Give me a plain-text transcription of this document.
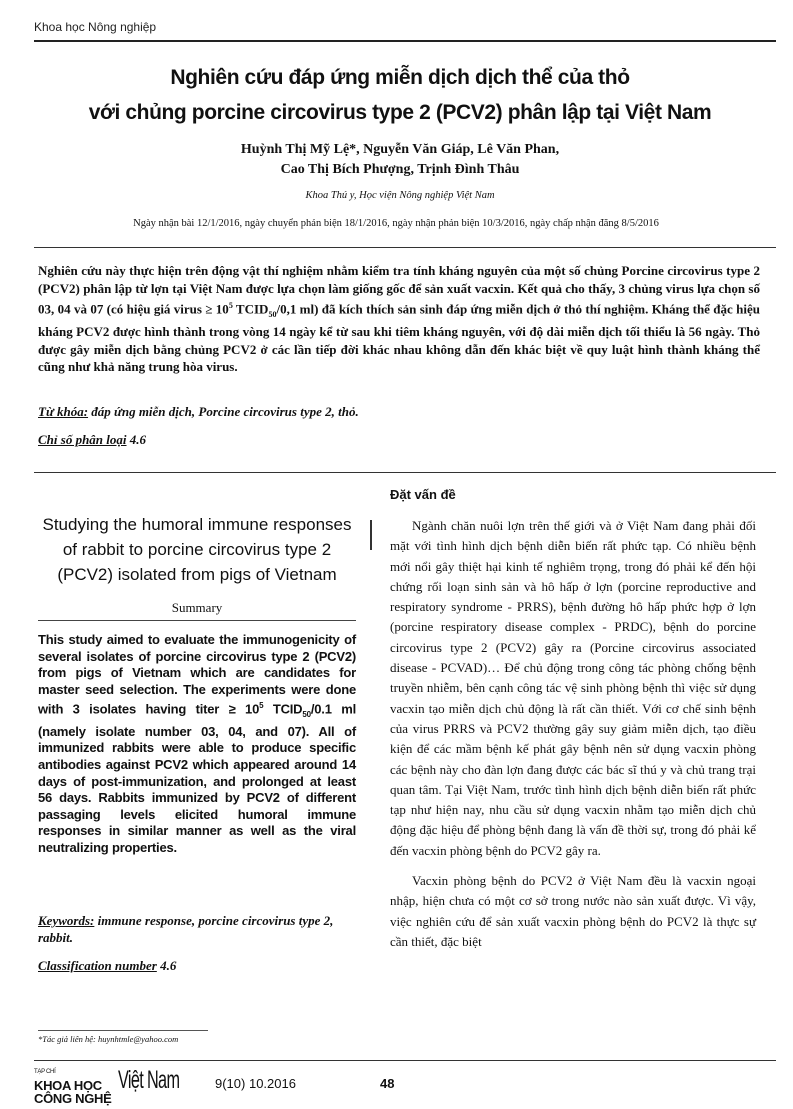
Khoa học Nông nghiệp
Nghiên cứu đáp ứng miễn dịch dịch thể của thỏ
với chủng porcine circovirus type 2 (PCV2) phân lập tại Việt Nam
Huỳnh Thị Mỹ Lệ*, Nguyễn Văn Giáp, Lê Văn Phan,
Cao Thị Bích Phượng, Trịnh Đình Thâu
Khoa Thú y, Học viện Nông nghiệp Việt Nam
Ngày nhận bài 12/1/2016, ngày chuyển phản biện 18/1/2016, ngày nhận phản biện 10/3/2016, ngày chấp nhận đăng 8/5/2016
Nghiên cứu này thực hiện trên động vật thí nghiệm nhằm kiểm tra tính kháng nguyên của một số chủng Porcine circovirus type 2 (PCV2) phân lập từ lợn tại Việt Nam được lựa chọn làm giống gốc để sản xuất vacxin. Kết quả cho thấy, 3 chủng virus lựa chọn số 03, 04 và 07 (có hiệu giá virus ≥ $10^5$ $TCID_{50}/0,1$ ml) đã kích thích sản sinh đáp ứng miễn dịch ở thỏ thí nghiệm. Kháng thể đặc hiệu kháng PCV2 được hình thành trong vòng 14 ngày kể từ sau khi tiêm kháng nguyên, với độ dài miễn dịch tối thiểu là 56 ngày. Thỏ được gây miễn dịch bằng chủng PCV2 ở các lần tiếp đời khác nhau không dẫn đến khác biệt về quy luật hình thành kháng thể cũng như khả năng trung hòa virus.
Từ khóa: đáp ứng miễn dịch, Porcine circovirus type 2, thỏ.
Chỉ số phân loại 4.6
Studying the humoral immune responses of rabbit to porcine circovirus type 2 (PCV2) isolated from pigs of Vietnam
Summary
This study aimed to evaluate the immunogenicity of several isolates of porcine circovirus type 2 (PCV2) from pigs of Vietnam which are candidates for master seed selection. The experiments were done with 3 isolates having titer ≥ $10^5$ $TCID_{50}/0.1$ ml (namely isolate number 03, 04, and 07). All of immunized rabbits were able to produce specific antibodies against PCV2 which appeared around 14 days of post-immunization, and prolonged at least 56 days. Rabbits immunized by PCV2 of different passaging levels elicited humoral immune responses in similar manner as well as the viral neutralizing properties.
Keywords: immune response, porcine circovirus type 2, rabbit.
Classification number 4.6
*Tác giả liên hệ: huynhtmle@yahoo.com
Đặt vấn đề

Ngành chăn nuôi lợn trên thế giới và ở Việt Nam đang phải đối mặt với tình hình dịch bệnh diễn biến rất phức tạp. Có nhiều bệnh mới nổi gây thiệt hại kinh tế nghiêm trọng, trong đó phải kể đến hội chứng rối loạn sinh sản và hô hấp ở lợn (porcine reproductive and respiratory syndrome - PRRS), bệnh đường hô hấp phức hợp ở lợn (porcine respiratory disease complex - PRDC), bệnh do porcine circovirus type 2 (PCV2) gây ra (Porcine circovirus associated disease - PCVAD)… Để chủ động trong công tác phòng chống bệnh truyền nhiễm, bên cạnh công tác vệ sinh phòng bệnh thì việc sử dụng vacxin tạo miễn dịch chủ động là rất cần thiết. Với cơ chế sinh bệnh của virus PRRS và PCV2 thường gây suy giảm miễn dịch, tạo điều kiện để các mầm bệnh kế phát gây bệnh nên sử dụng vacxin phòng các bệnh này cho đàn lợn đang được các bác sĩ thú y và chủ trang trại quan tâm. Tại Việt Nam, trước tình hình dịch bệnh diễn biến rất phức tạp như hiện nay, nhu cầu sử dụng vacxin nhằm tạo miễn dịch chủ động đặc hiệu để phòng bệnh đang là vấn đề thời sự, trong đó phải kể đến vacxin phòng bệnh do PCV2 gây ra.

Vacxin phòng bệnh do PCV2 ở Việt Nam đều là vacxin ngoại nhập, hiện chưa có một cơ sở trong nước nào sản xuất được. Vì vậy, việc nghiên cứu để sản xuất vacxin phòng bệnh do PCV2 là thực sự cần thiết, đặc biệt

TẠP CHÍ
KHOA HỌC
CÔNG NGHỆ
Việt Nam	9(10) 10.2016	48
